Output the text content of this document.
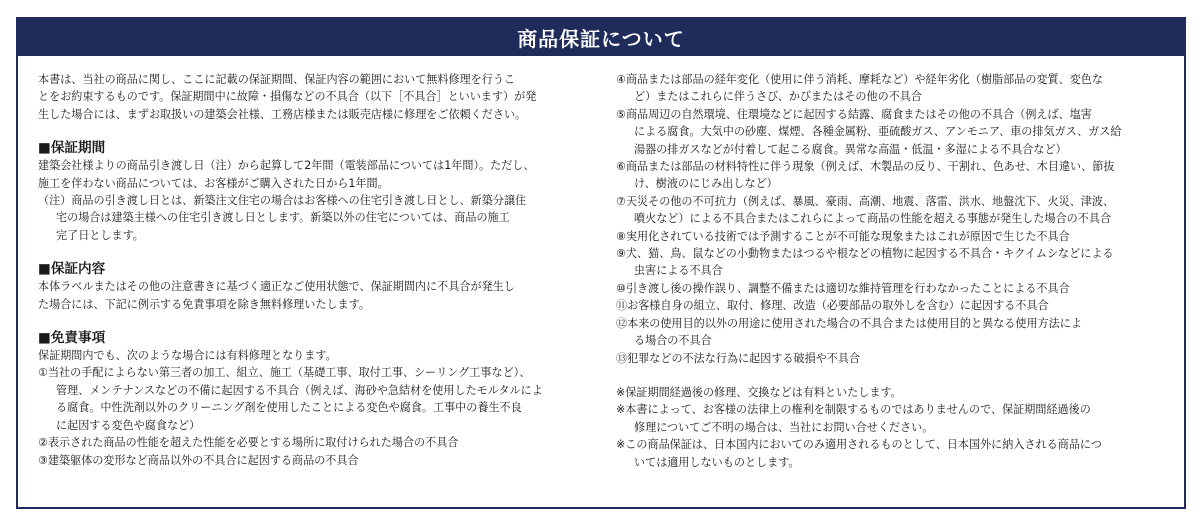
商品保証について

本書は、当社の商品に関し、ここに記載の保証期間、保証内容の範囲において無料修理を行うこ

とをお約束するものです。保証期間中に故障・損傷などの不具合（以下［不具合］といいます）が発

生した場合には、まずお取扱いの建築会社様、工務店様または販売店様に修理をご依頼ください。

■保証期間

建築会社様よりの商品引き渡し日（注）から起算して2年間（電装部品については1年間）。ただし、

施工を伴わない商品については、お客様がご購入された日から1年間。

（注）商品の引き渡し日とは、新築注文住宅の場合はお客様への住宅引き渡し日とし、新築分譲住

宅の場合は建築主様への住宅引き渡し日とします。新築以外の住宅については、商品の施工

完了日とします。

■保証内容

本体ラベルまたはその他の注意書きに基づく適正なご使用状態で、保証期間内に不具合が発生し

た場合には、下記に例示する免責事項を除き無料修理いたします。

■免責事項

保証期間内でも、次のような場合には有料修理となります。

①当社の手配によらない第三者の加工、組立、施工（基礎工事、取付工事、シーリング工事など）、

管理、メンテナンスなどの不備に起因する不具合（例えば、海砂や急結材を使用したモルタルによ

る腐食。中性洗剤以外のクリーニング剤を使用したことによる変色や腐食。工事中の養生不良

に起因する変色や腐食など）

②表示された商品の性能を超えた性能を必要とする場所に取付けられた場合の不具合

③建築躯体の変形など商品以外の不具合に起因する商品の不具合

④商品または部品の経年変化（使用に伴う消耗、摩耗など）や経年劣化（樹脂部品の変質、変色な

ど）またはこれらに伴うさび、かびまたはその他の不具合

⑤商品周辺の自然環境、住環境などに起因する結露、腐食またはその他の不具合（例えば、塩害

による腐食。大気中の砂塵、煤煙、各種金属粉、亜硫酸ガス、アンモニア、車の排気ガス、ガス給

湯器の排ガスなどが付着して起こる腐食。異常な高温・低温・多湿による不具合など）

⑥商品または部品の材料特性に伴う現象（例えば、木製品の反り、干割れ、色あせ、木目違い、節抜

け、樹液のにじみ出しなど）

⑦天災その他の不可抗力（例えば、暴風、豪雨、高潮、地震、落雷、洪水、地盤沈下、火災、津波、

噴火など）による不具合またはこれらによって商品の性能を超える事態が発生した場合の不具合

⑧実用化されている技術では予測することが不可能な現象またはこれが原因で生じた不具合

⑨犬、猫、鳥、鼠などの小動物またはつるや根などの植物に起因する不具合・キクイムシなどによる

虫害による不具合

⑩引き渡し後の操作誤り、調整不備または適切な維持管理を行わなかったことによる不具合

⑪お客様自身の組立、取付、修理、改造（必要部品の取外しを含む）に起因する不具合

⑫本来の使用目的以外の用途に使用された場合の不具合または使用目的と異なる使用方法によ

る場合の不具合

⑬犯罪などの不法な行為に起因する破損や不具合

※保証期間経過後の修理、交換などは有料といたします。

※本書によって、お客様の法律上の権利を制限するものではありませんので、保証期間経過後の

修理についてご不明の場合は、当社にお問い合せください。

※この商品保証は、日本国内においてのみ適用されるものとして、日本国外に納入される商品につ

いては適用しないものとします。
